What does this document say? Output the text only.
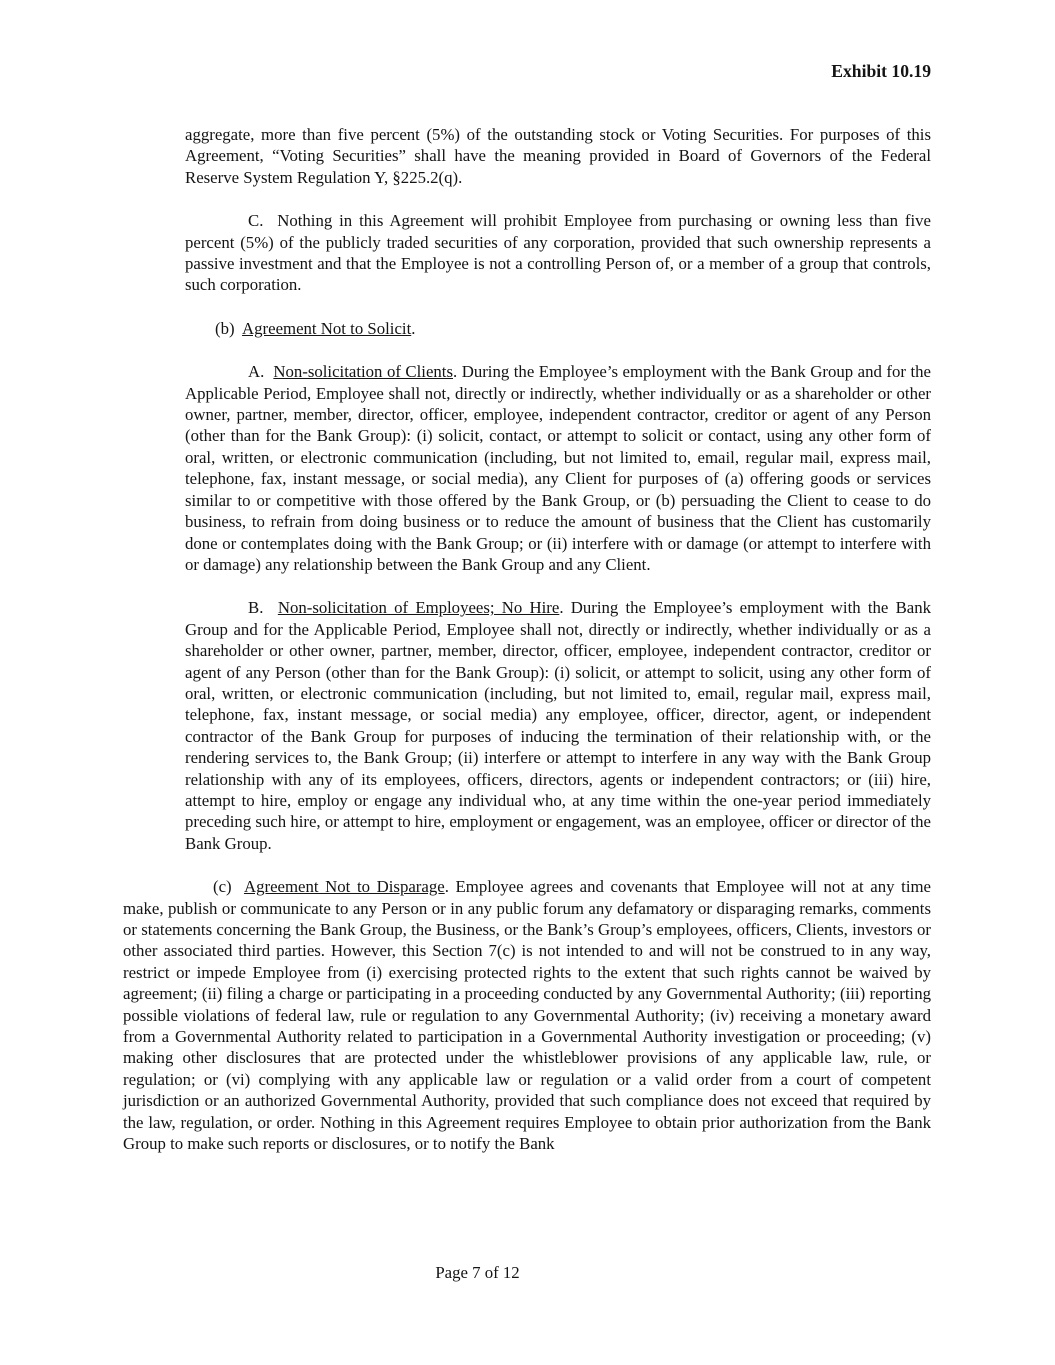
Exhibit 10.19

aggregate, more than five percent (5%) of the outstanding stock or Voting Securities. For purposes of this Agreement, “Voting Securities” shall have the meaning provided in Board of Governors of the Federal Reserve System Regulation Y, §225.2(q).

C.  Nothing in this Agreement will prohibit Employee from purchasing or owning less than five percent (5%) of the publicly traded securities of any corporation, provided that such ownership represents a passive investment and that the Employee is not a controlling Person of, or a member of a group that controls, such corporation.

(b)  Agreement Not to Solicit.

A.  Non-solicitation of Clients. During the Employee’s employment with the Bank Group and for the Applicable Period, Employee shall not, directly or indirectly, whether individually or as a shareholder or other owner, partner, member, director, officer, employee, independent contractor, creditor or agent of any Person (other than for the Bank Group): (i) solicit, contact, or attempt to solicit or contact, using any other form of oral, written, or electronic communication (including, but not limited to, email, regular mail, express mail, telephone, fax, instant message, or social media), any Client for purposes of (a) offering goods or services similar to or competitive with those offered by the Bank Group, or (b) persuading the Client to cease to do business, to refrain from doing business or to reduce the amount of business that the Client has customarily done or contemplates doing with the Bank Group; or (ii) interfere with or damage (or attempt to interfere with or damage) any relationship between the Bank Group and any Client.

B.  Non-solicitation of Employees; No Hire. During the Employee’s employment with the Bank Group and for the Applicable Period, Employee shall not, directly or indirectly, whether individually or as a shareholder or other owner, partner, member, director, officer, employee, independent contractor, creditor or agent of any Person (other than for the Bank Group): (i) solicit, or attempt to solicit, using any other form of oral, written, or electronic communication (including, but not limited to, email, regular mail, express mail, telephone, fax, instant message, or social media) any employee, officer, director, agent, or independent contractor of the Bank Group for purposes of inducing the termination of their relationship with, or the rendering services to, the Bank Group; (ii) interfere or attempt to interfere in any way with the Bank Group relationship with any of its employees, officers, directors, agents or independent contractors; or (iii) hire, attempt to hire, employ or engage any individual who, at any time within the one-year period immediately preceding such hire, or attempt to hire, employment or engagement, was an employee, officer or director of the Bank Group.

(c)  Agreement Not to Disparage. Employee agrees and covenants that Employee will not at any time make, publish or communicate to any Person or in any public forum any defamatory or disparaging remarks, comments or statements concerning the Bank Group, the Business, or the Bank’s Group’s employees, officers, Clients, investors or other associated third parties. However, this Section 7(c) is not intended to and will not be construed to in any way, restrict or impede Employee from (i) exercising protected rights to the extent that such rights cannot be waived by agreement; (ii) filing a charge or participating in a proceeding conducted by any Governmental Authority; (iii) reporting possible violations of federal law, rule or regulation to any Governmental Authority; (iv) receiving a monetary award from a Governmental Authority related to participation in a Governmental Authority investigation or proceeding; (v) making other disclosures that are protected under the whistleblower provisions of any applicable law, rule, or regulation; or (vi) complying with any applicable law or regulation or a valid order from a court of competent jurisdiction or an authorized Governmental Authority, provided that such compliance does not exceed that required by the law, regulation, or order. Nothing in this Agreement requires Employee to obtain prior authorization from the Bank Group to make such reports or disclosures, or to notify the Bank

Page 7 of 12
